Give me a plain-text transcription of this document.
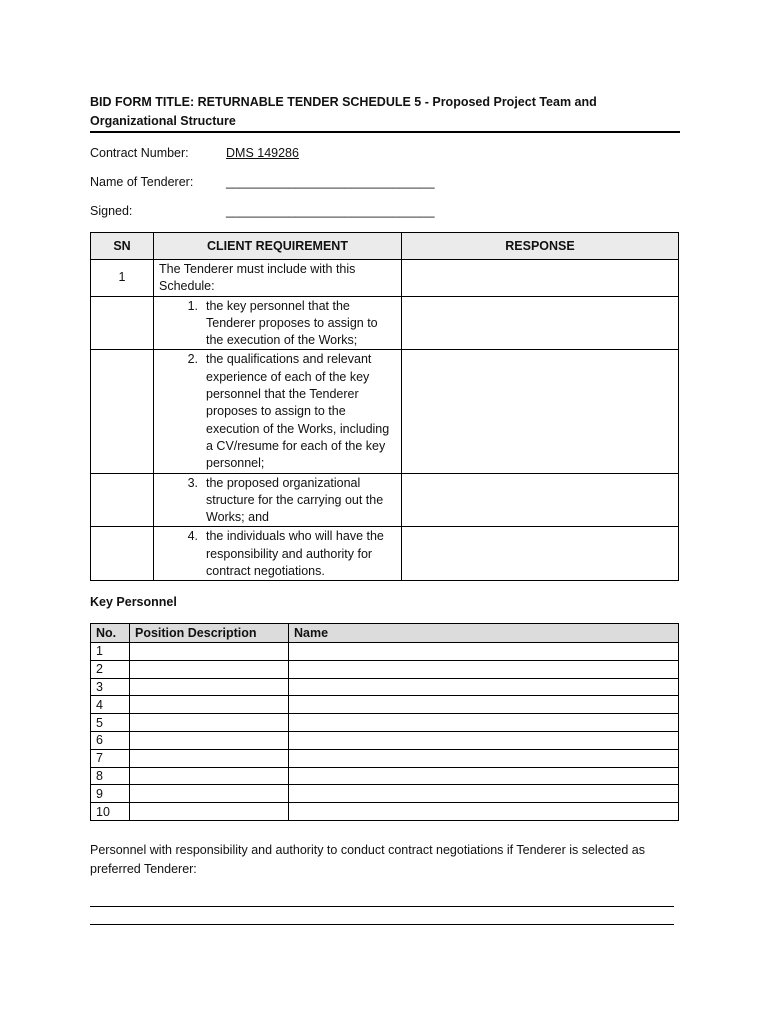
BID FORM TITLE: RETURNABLE TENDER SCHEDULE 5 - Proposed Project Team and Organizational Structure
Contract Number:	DMS 149286
Name of Tenderer:	______________________________
Signed:	______________________________
SN	CLIENT REQUIREMENT	RESPONSE
1	The Tenderer must include with this Schedule:	

	1. the key personnel that the Tenderer proposes to assign to the execution of the Works;	

	2. the qualifications and relevant experience of each of the key personnel that the Tenderer proposes to assign to the execution of the Works, including a CV/resume for each of the key personnel;	

	3. the proposed organizational structure for the carrying out the Works; and	

	4. the individuals who will have the responsibility and authority for contract negotiations.	

Key Personnel
No.	Position Description	Name
1		
2		
3		
4		
5		
6		
7		
8		
9		
10		
Personnel with responsibility and authority to conduct contract negotiations if Tenderer is selected as preferred Tenderer:
